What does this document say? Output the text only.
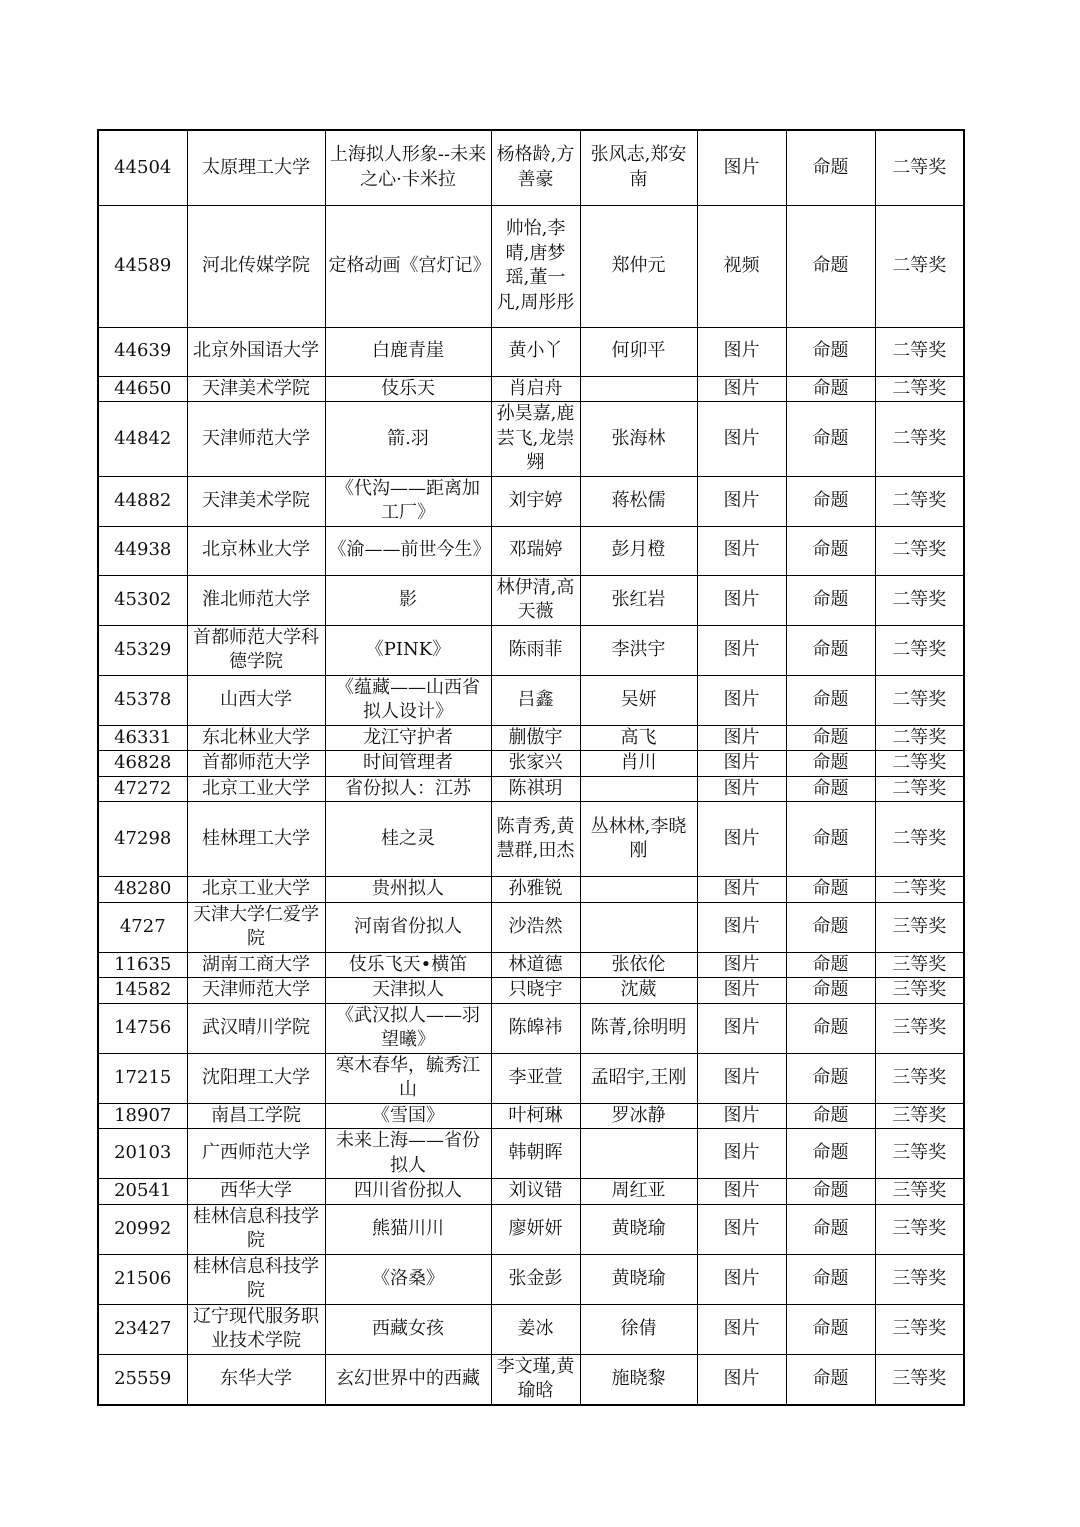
44504	太原理工大学	上海拟人形象--未来之心·卡米拉	杨格龄,方善豪	张风志,郑安南	图片	命题	二等奖
44589	河北传媒学院	定格动画《宫灯记》	帅怡,李晴,唐梦瑶,董一凡,周彤彤	郑仲元	视频	命题	二等奖
44639	北京外国语大学	白鹿青崖	黄小丫	何卯平	图片	命题	二等奖
44650	天津美术学院	伎乐天	肖启舟		图片	命题	二等奖
44842	天津师范大学	箭.羽	孙昊嘉,鹿芸飞,龙崇翙	张海林	图片	命题	二等奖
44882	天津美术学院	《代沟——距离加工厂》	刘宇婷	蒋松儒	图片	命题	二等奖
44938	北京林业大学	《渝——前世今生》	邓瑞婷	彭月橙	图片	命题	二等奖
45302	淮北师范大学	影	林伊清,高天薇	张红岩	图片	命题	二等奖
45329	首都师范大学科德学院	《PINK》	陈雨菲	李洪宇	图片	命题	二等奖
45378	山西大学	《蕴藏——山西省拟人设计》	吕鑫	吴妍	图片	命题	二等奖
46331	东北林业大学	龙江守护者	蒯傲宇	高飞	图片	命题	二等奖
46828	首都师范大学	时间管理者	张家兴	肖川	图片	命题	二等奖
47272	北京工业大学	省份拟人：江苏	陈祺玥		图片	命题	二等奖
47298	桂林理工大学	桂之灵	陈青秀,黄慧群,田杰	丛林林,李晓刚	图片	命题	二等奖
48280	北京工业大学	贵州拟人	孙雅锐		图片	命题	二等奖
4727	天津大学仁爱学院	河南省份拟人	沙浩然		图片	命题	三等奖
11635	湖南工商大学	伎乐飞天•横笛	林道德	张依伦	图片	命题	三等奖
14582	天津师范大学	天津拟人	只晓宇	沈葳	图片	命题	三等奖
14756	武汉晴川学院	《武汉拟人——羽望曦》	陈皞祎	陈菁,徐明明	图片	命题	三等奖
17215	沈阳理工大学	寒木春华，毓秀江山	李亚萱	孟昭宇,王刚	图片	命题	三等奖
18907	南昌工学院	《雪国》	叶柯琳	罗冰静	图片	命题	三等奖
20103	广西师范大学	未来上海——省份拟人	韩朝晖		图片	命题	三等奖
20541	西华大学	四川省份拟人	刘议错	周红亚	图片	命题	三等奖
20992	桂林信息科技学院	熊猫川川	廖妍妍	黄晓瑜	图片	命题	三等奖
21506	桂林信息科技学院	《洛桑》	张金彭	黄晓瑜	图片	命题	三等奖
23427	辽宁现代服务职业技术学院	西藏女孩	姜冰	徐倩	图片	命题	三等奖
25559	东华大学	玄幻世界中的西藏	李文瑾,黄瑜晗	施晓黎	图片	命题	三等奖
